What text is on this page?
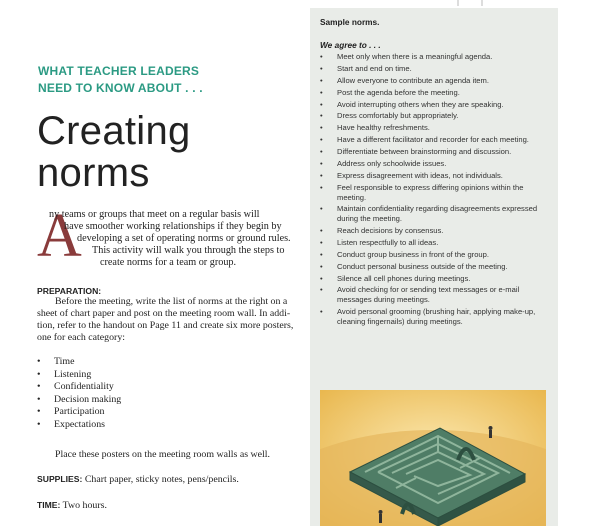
WHAT TEACHER LEADERS
NEED TO KNOW ABOUT . . .
Creating
norms
A
ny teams or groups that meet on a regular basis will
have smoother working relationships if they begin by
developing a set of operating norms or ground rules.
This activity will walk you through the steps to
create norms for a team or group.
PREPARATION:
Before the meeting, write the list of norms at the right on a
sheet of chart paper and post on the meeting room wall. In addi-
tion, refer to the handout on Page 11 and create six more posters,
one for each category:
• Time
• Listening
• Confidentiality
• Decision making
• Participation
• Expectations
Place these posters on the meeting room walls as well.
SUPPLIES: Chart paper, sticky notes, pens/pencils.
TIME: Two hours.
Sample norms.
We agree to . . .
• Meet only when there is a meaningful agenda.
• Start and end on time.
• Allow everyone to contribute an agenda item.
• Post the agenda before the meeting.
• Avoid interrupting others when they are speaking.
• Dress comfortably but appropriately.
• Have healthy refreshments.
• Have a different facilitator and recorder for each meeting.
• Differentiate between brainstorming and discussion.
• Address only schoolwide issues.
• Express disagreement with ideas, not individuals.
• Feel responsible to express differing opinions within the meeting.
• Maintain confidentiality regarding disagreements expressed during the meeting.
• Reach decisions by consensus.
• Listen respectfully to all ideas.
• Conduct group business in front of the group.
• Conduct personal business outside of the meeting.
• Silence all cell phones during meetings.
• Avoid checking for or sending text messages or e-mail messages during meetings.
• Avoid personal grooming (brushing hair, applying make-up, cleaning fingernails) during meetings.
